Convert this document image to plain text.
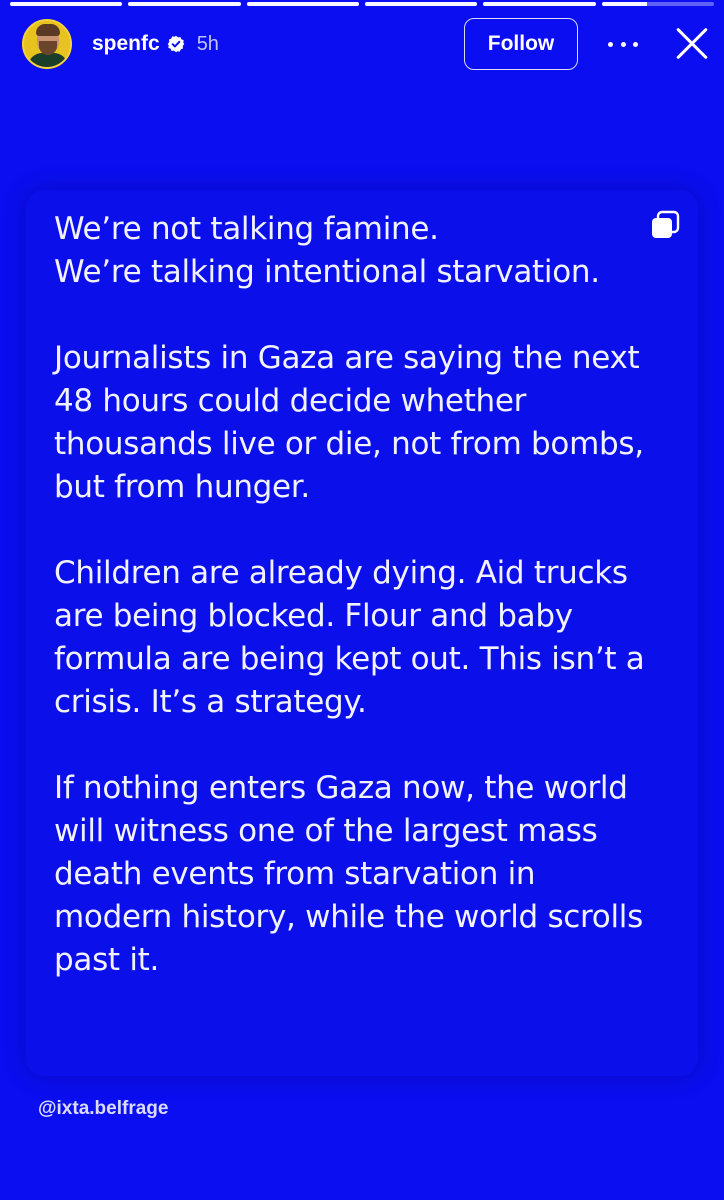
spenfc 5h	Follow

We’re not talking famine.
We’re talking intentional starvation.

Journalists in Gaza are saying the next 48 hours could decide whether thousands live or die, not from bombs, but from hunger.

Children are already dying. Aid trucks are being blocked. Flour and baby formula are being kept out. This isn’t a crisis. It’s a strategy.

If nothing enters Gaza now, the world will witness one of the largest mass death events from starvation in modern history, while the world scrolls past it.

@ixta.belfrage
